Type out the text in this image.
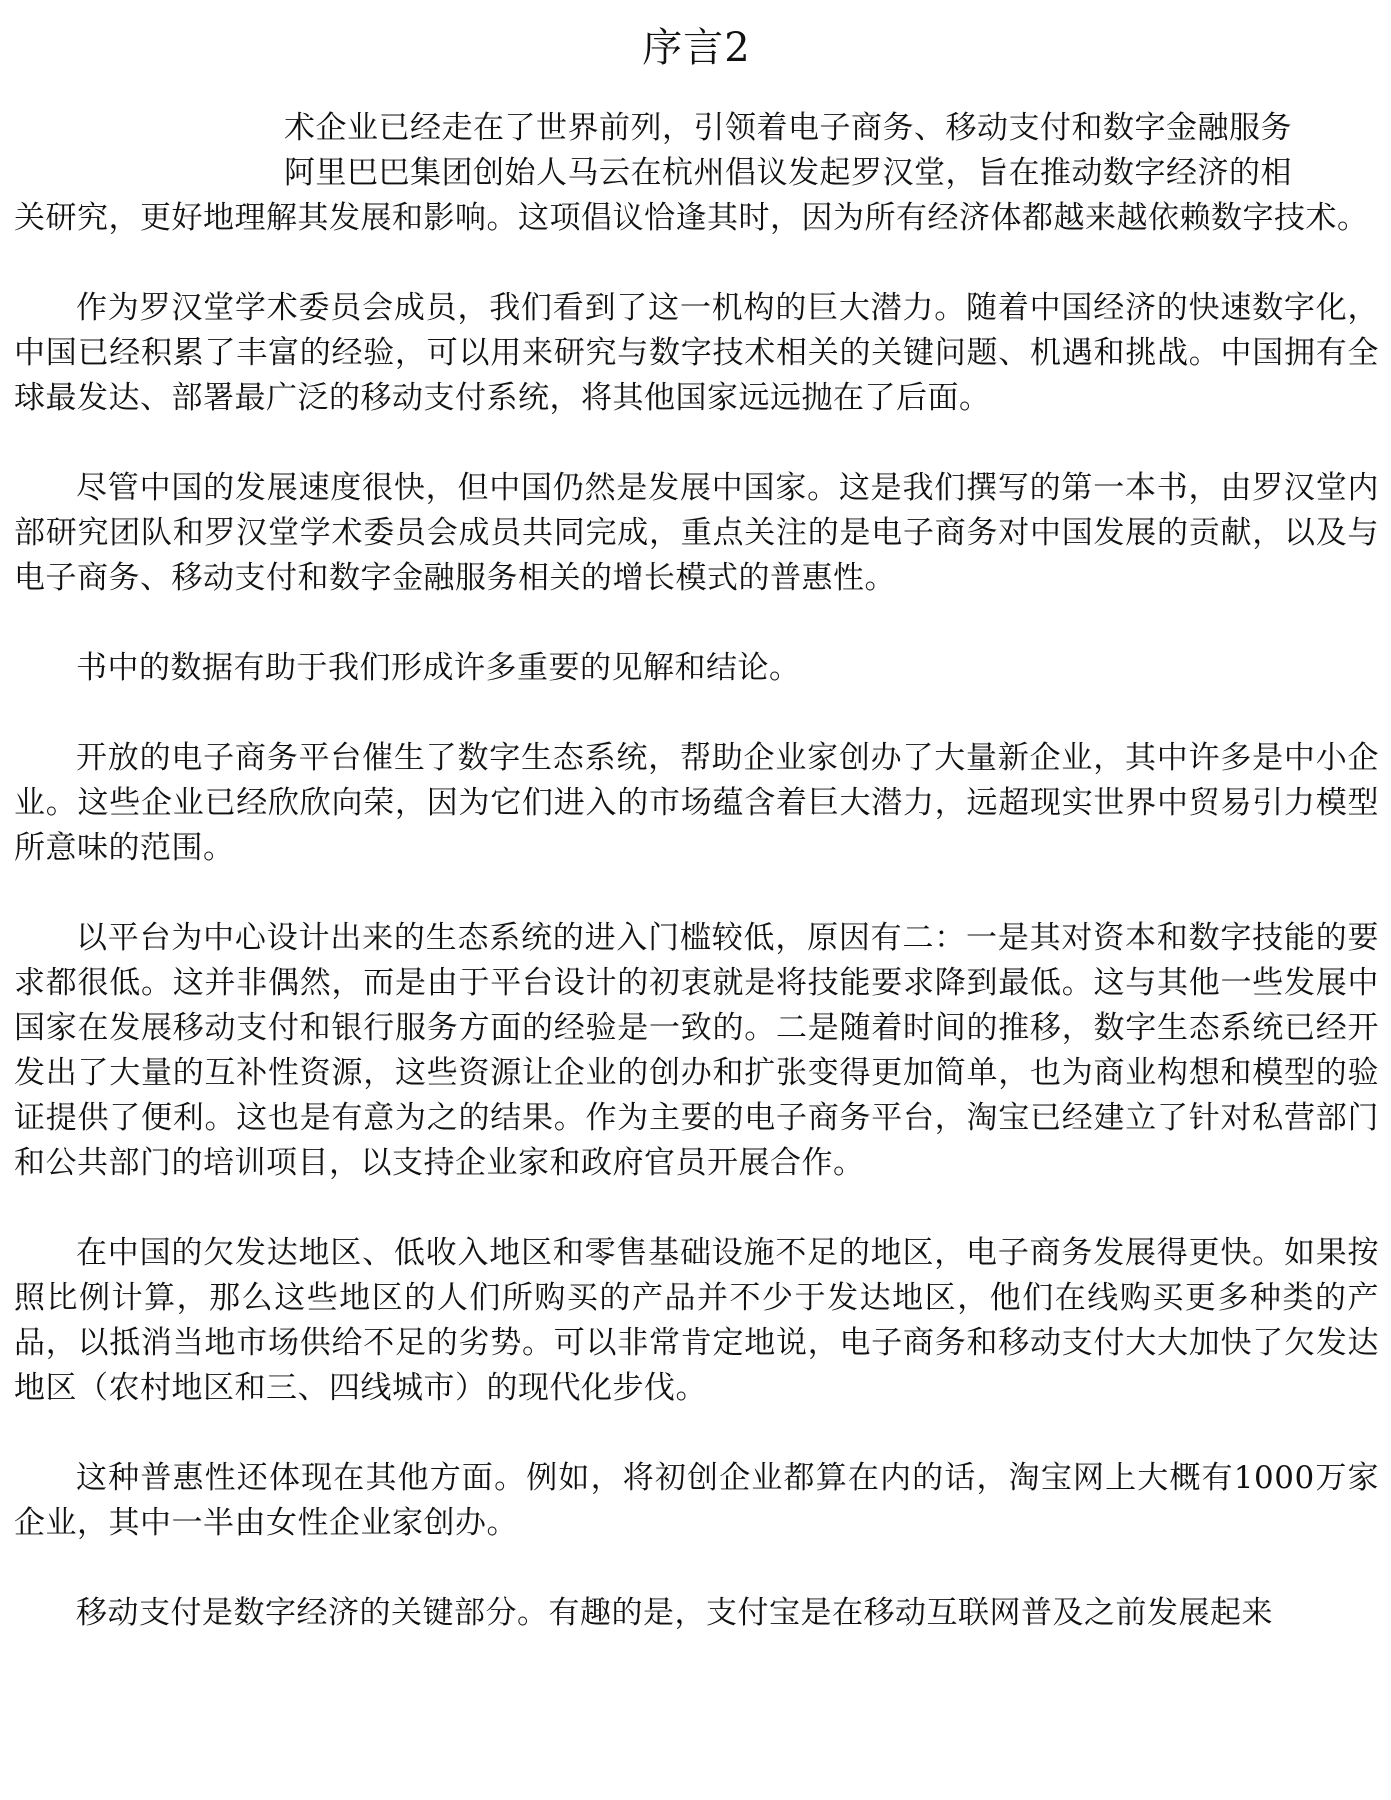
序言2

术企业已经走在了世界前列，引领着电子商务、移动支付和数字金融服务
阿里巴巴集团创始人马云在杭州倡议发起罗汉堂，旨在推动数字经济的相
关研究，更好地理解其发展和影响。这项倡议恰逢其时，因为所有经济体都越来越依赖数字技术。

作为罗汉堂学术委员会成员，我们看到了这一机构的巨大潜力。随着中国经济的快速数字化，中国已经积累了丰富的经验，可以用来研究与数字技术相关的关键问题、机遇和挑战。中国拥有全球最发达、部署最广泛的移动支付系统，将其他国家远远抛在了后面。

尽管中国的发展速度很快，但中国仍然是发展中国家。这是我们撰写的第一本书，由罗汉堂内部研究团队和罗汉堂学术委员会成员共同完成，重点关注的是电子商务对中国发展的贡献，以及与电子商务、移动支付和数字金融服务相关的增长模式的普惠性。

书中的数据有助于我们形成许多重要的见解和结论。

开放的电子商务平台催生了数字生态系统，帮助企业家创办了大量新企业，其中许多是中小企业。这些企业已经欣欣向荣，因为它们进入的市场蕴含着巨大潜力，远超现实世界中贸易引力模型所意味的范围。

以平台为中心设计出来的生态系统的进入门槛较低，原因有二：一是其对资本和数字技能的要求都很低。这并非偶然，而是由于平台设计的初衷就是将技能要求降到最低。这与其他一些发展中国家在发展移动支付和银行服务方面的经验是一致的。二是随着时间的推移，数字生态系统已经开发出了大量的互补性资源，这些资源让企业的创办和扩张变得更加简单，也为商业构想和模型的验证提供了便利。这也是有意为之的结果。作为主要的电子商务平台，淘宝已经建立了针对私营部门和公共部门的培训项目，以支持企业家和政府官员开展合作。

在中国的欠发达地区、低收入地区和零售基础设施不足的地区，电子商务发展得更快。如果按照比例计算，那么这些地区的人们所购买的产品并不少于发达地区，他们在线购买更多种类的产品，以抵消当地市场供给不足的劣势。可以非常肯定地说，电子商务和移动支付大大加快了欠发达地区（农村地区和三、四线城市）的现代化步伐。

这种普惠性还体现在其他方面。例如，将初创企业都算在内的话，淘宝网上大概有1000万家企业，其中一半由女性企业家创办。

移动支付是数字经济的关键部分。有趣的是，支付宝是在移动互联网普及之前发展起来
